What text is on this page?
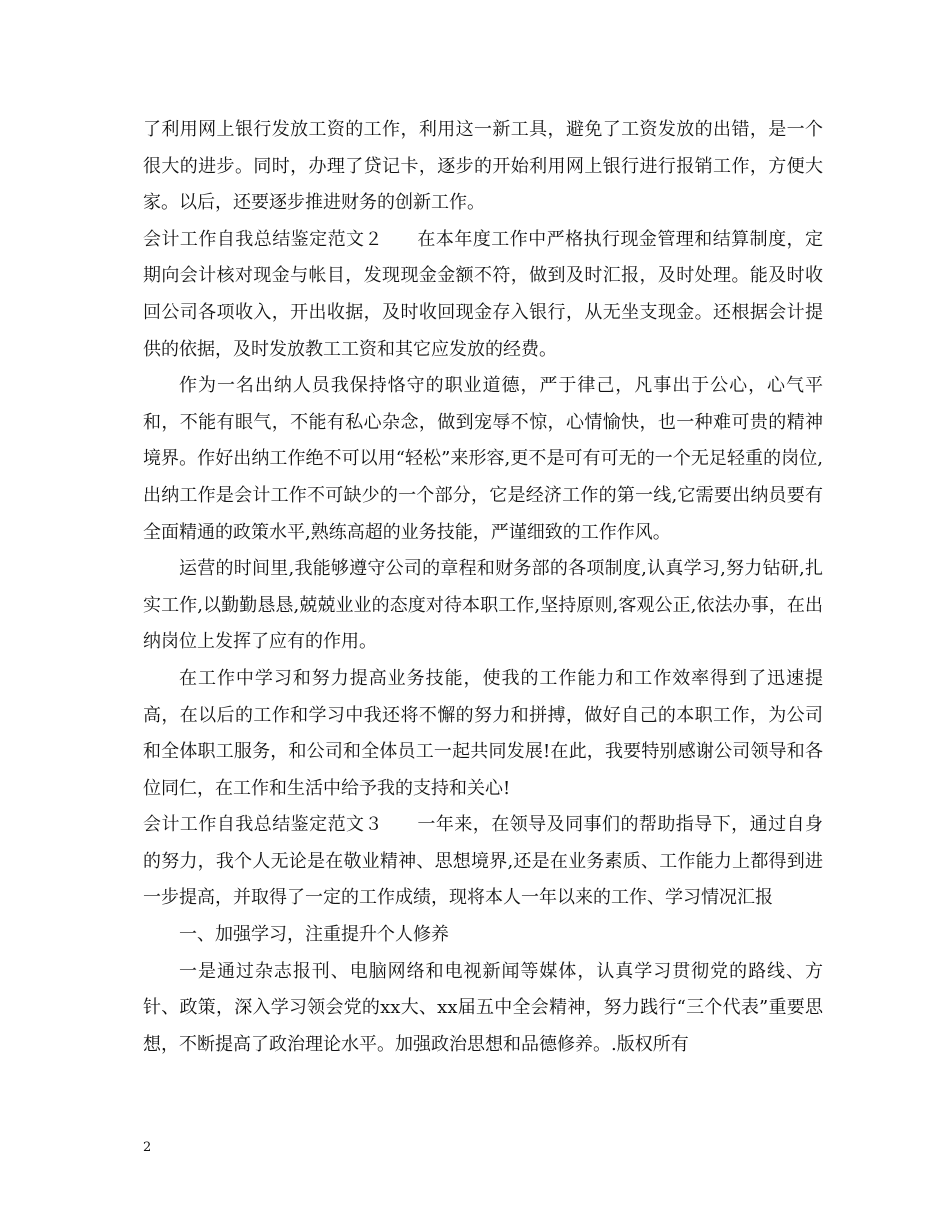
了利用网上银行发放工资的工作，利用这一新工具，避免了工资发放的出错，是一个很大的进步。同时，办理了贷记卡，逐步的开始利用网上银行进行报销工作，方便大家。以后，还要逐步推进财务的创新工作。

会计工作自我总结鉴定范文２ 在本年度工作中严格执行现金管理和结算制度，定期向会计核对现金与帐目，发现现金金额不符，做到及时汇报，及时处理。能及时收回公司各项收入，开出收据，及时收回现金存入银行，从无坐支现金。还根据会计提供的依据，及时发放教工工资和其它应发放的经费。

作为一名出纳人员我保持恪守的职业道德，严于律己，凡事出于公心，心气平和，不能有眼气，不能有私心杂念，做到宠辱不惊，心情愉快，也一种难可贵的精神境界。作好出纳工作绝不可以用“轻松”来形容,更不是可有可无的一个无足轻重的岗位,出纳工作是会计工作不可缺少的一个部分，它是经济工作的第一线,它需要出纳员要有全面精通的政策水平,熟练高超的业务技能，严谨细致的工作作风。

运营的时间里,我能够遵守公司的章程和财务部的各项制度,认真学习,努力钻研,扎实工作,以勤勤恳恳,兢兢业业的态度对待本职工作,坚持原则,客观公正,依法办事，在出纳岗位上发挥了应有的作用。

在工作中学习和努力提高业务技能，使我的工作能力和工作效率得到了迅速提高，在以后的工作和学习中我还将不懈的努力和拼搏，做好自己的本职工作，为公司和全体职工服务，和公司和全体员工一起共同发展!在此，我要特别感谢公司领导和各位同仁，在工作和生活中给予我的支持和关心!

会计工作自我总结鉴定范文３ 一年来，在领导及同事们的帮助指导下，通过自身的努力，我个人无论是在敬业精神、思想境界,还是在业务素质、工作能力上都得到进一步提高，并取得了一定的工作成绩，现将本人一年以来的工作、学习情况汇报

一、加强学习，注重提升个人修养

一是通过杂志报刊、电脑网络和电视新闻等媒体，认真学习贯彻党的路线、方针、政策，深入学习领会党的xx大、xx届五中全会精神，努力践行“三个代表”重要思想，不断提高了政治理论水平。加强政治思想和品德修养。.版权所有

2
